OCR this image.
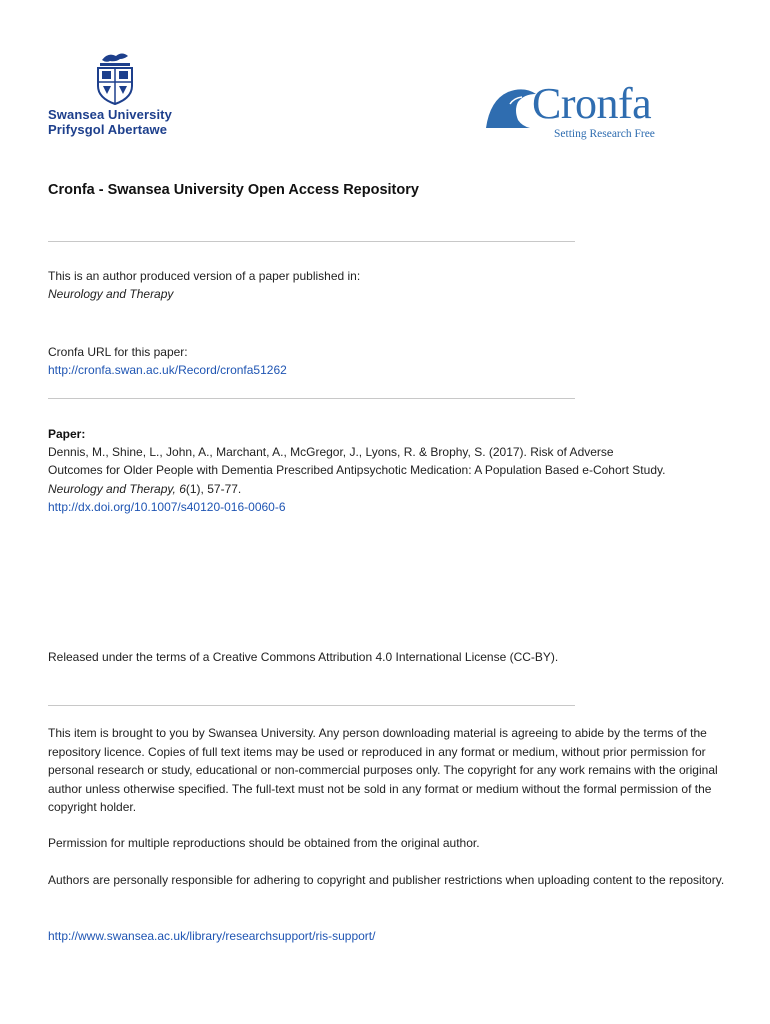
Swansea University
Prifysgol Abertawe
Cronfa
Setting Research Free
Cronfa - Swansea University Open Access Repository
This is an author produced version of a paper published in:
Neurology and Therapy
Cronfa URL for this paper:
http://cronfa.swan.ac.uk/Record/cronfa51262
Paper:
Dennis, M., Shine, L., John, A., Marchant, A., McGregor, J., Lyons, R. & Brophy, S. (2017). Risk of Adverse
Outcomes for Older People with Dementia Prescribed Antipsychotic Medication: A Population Based e-Cohort Study.
Neurology and Therapy, 6(1), 57-77.
http://dx.doi.org/10.1007/s40120-016-0060-6
Released under the terms of a Creative Commons Attribution 4.0 International License (CC-BY).
This item is brought to you by Swansea University. Any person downloading material is agreeing to abide by the terms of the repository licence. Copies of full text items may be used or reproduced in any format or medium, without prior permission for personal research or study, educational or non-commercial purposes only. The copyright for any work remains with the original author unless otherwise specified. The full-text must not be sold in any format or medium without the formal permission of the copyright holder.
Permission for multiple reproductions should be obtained from the original author.
Authors are personally responsible for adhering to copyright and publisher restrictions when uploading content to the repository.
http://www.swansea.ac.uk/library/researchsupport/ris-support/
